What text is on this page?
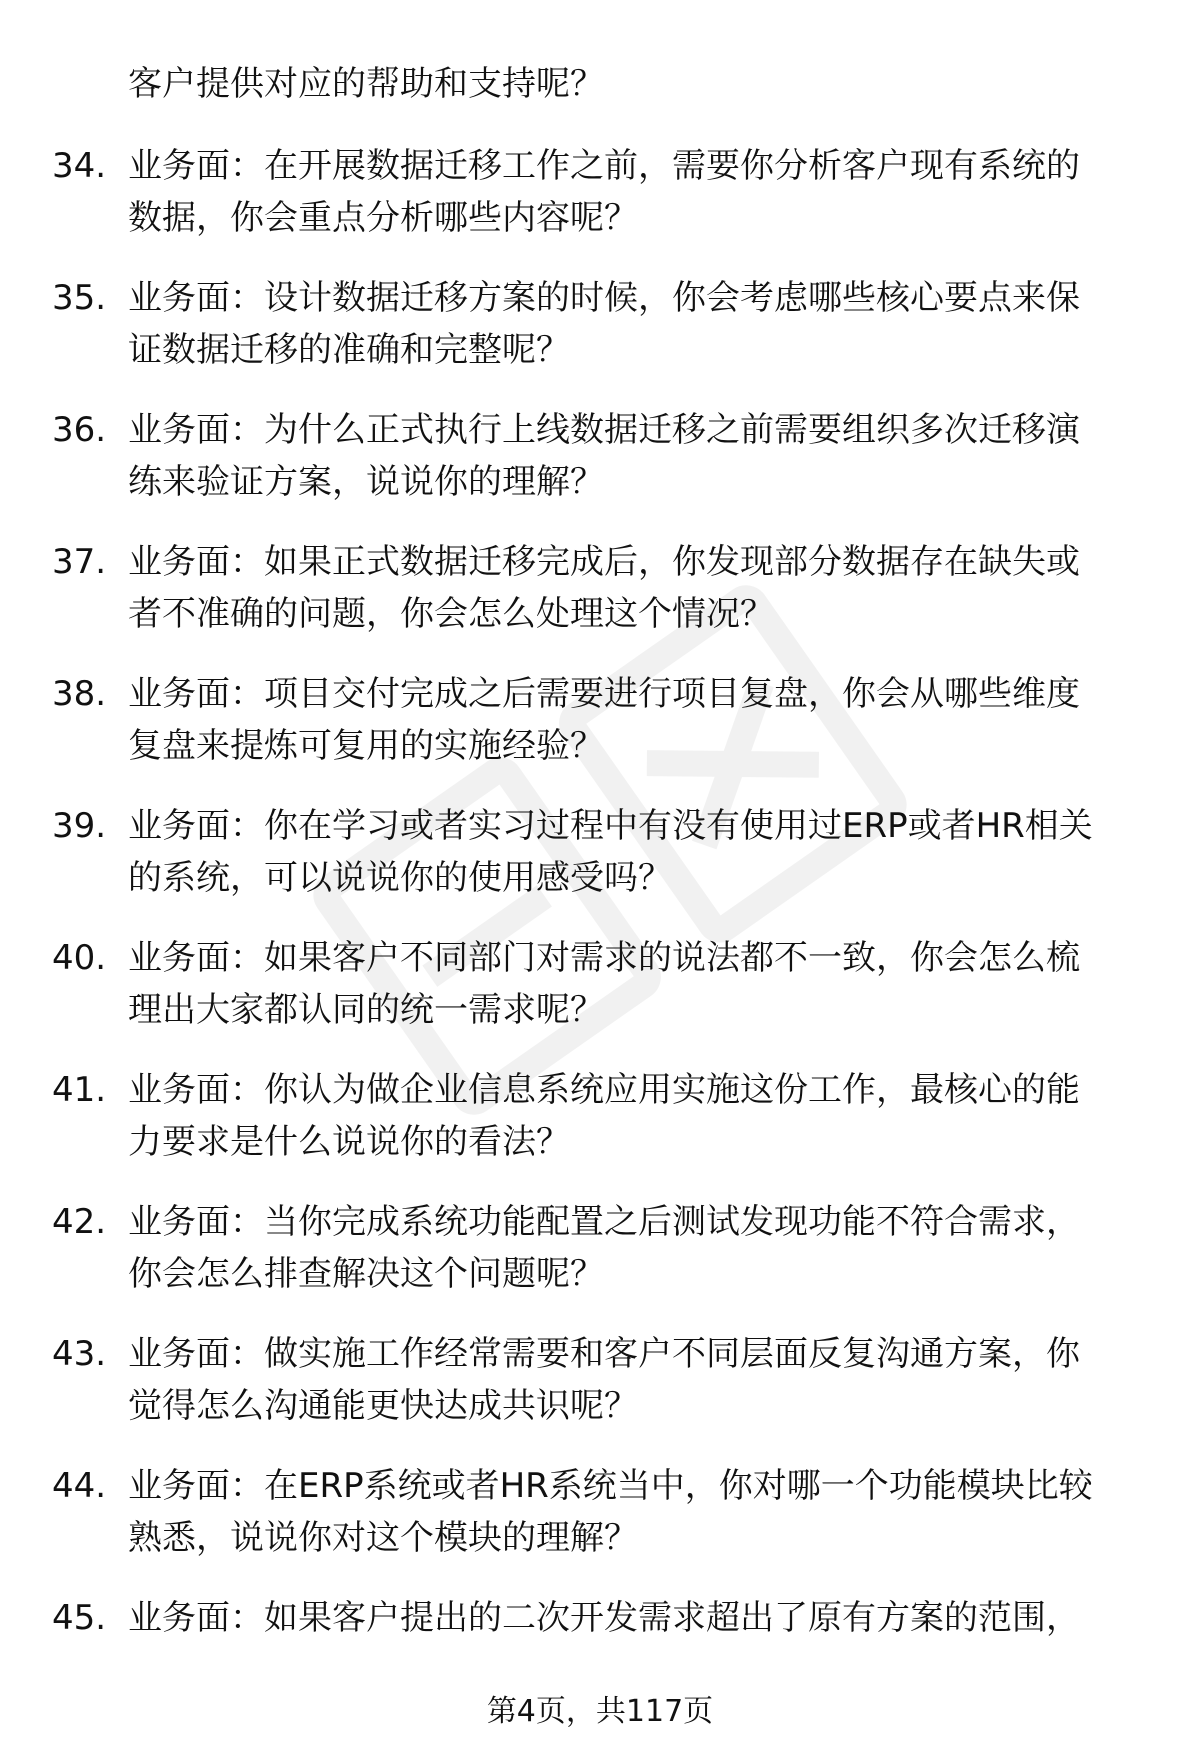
客户提供对应的帮助和支持呢？
34. 业务面：在开展数据迁移工作之前，需要你分析客户现有系统的
数据，你会重点分析哪些内容呢？
35. 业务面：设计数据迁移方案的时候，你会考虑哪些核心要点来保
证数据迁移的准确和完整呢？
36. 业务面：为什么正式执行上线数据迁移之前需要组织多次迁移演
练来验证方案，说说你的理解？
37. 业务面：如果正式数据迁移完成后，你发现部分数据存在缺失或
者不准确的问题，你会怎么处理这个情况？
38. 业务面：项目交付完成之后需要进行项目复盘，你会从哪些维度
复盘来提炼可复用的实施经验？
39. 业务面：你在学习或者实习过程中有没有使用过ERP或者HR相关
的系统，可以说说你的使用感受吗？
40. 业务面：如果客户不同部门对需求的说法都不一致，你会怎么梳
理出大家都认同的统一需求呢？
41. 业务面：你认为做企业信息系统应用实施这份工作，最核心的能
力要求是什么说说你的看法？
42. 业务面：当你完成系统功能配置之后测试发现功能不符合需求，
你会怎么排查解决这个问题呢？
43. 业务面：做实施工作经常需要和客户不同层面反复沟通方案，你
觉得怎么沟通能更快达成共识呢？
44. 业务面：在ERP系统或者HR系统当中，你对哪一个功能模块比较
熟悉，说说你对这个模块的理解？
45. 业务面：如果客户提出的二次开发需求超出了原有方案的范围，
第4页，共117页
